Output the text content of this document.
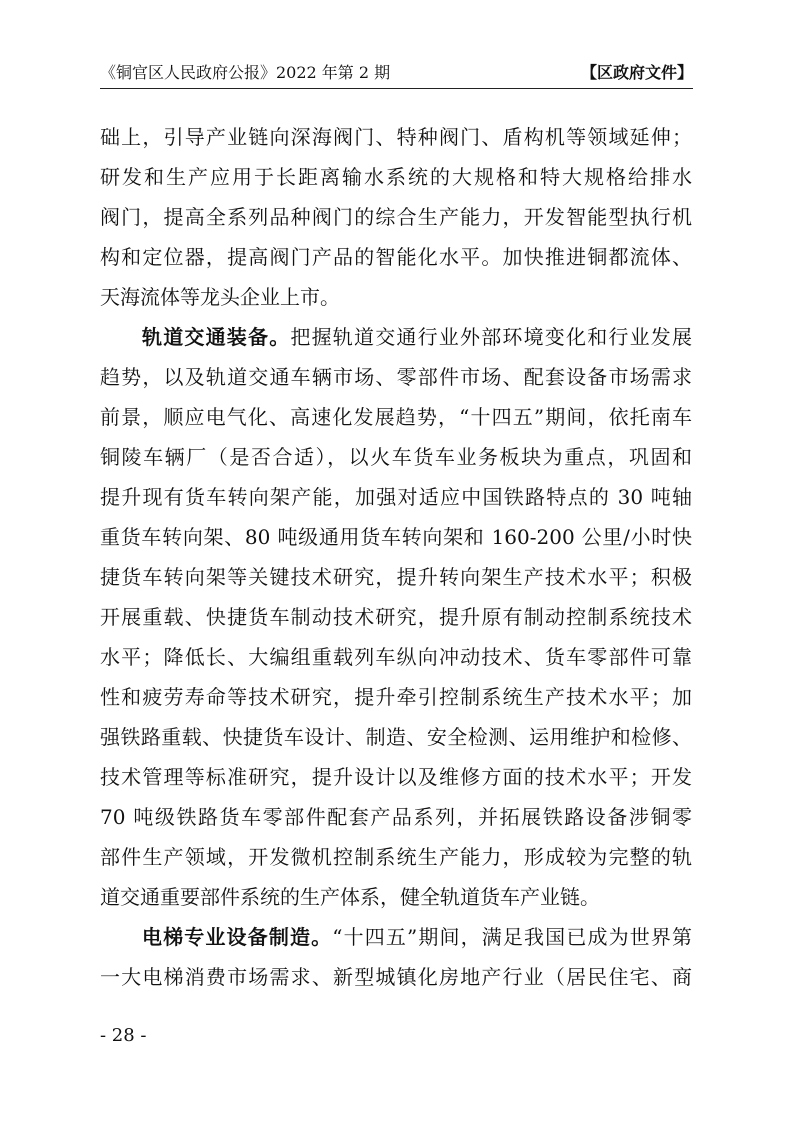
《铜官区人民政府公报》2022 年第 2 期	【区政府文件】
础上，引导产业链向深海阀门、特种阀门、盾构机等领域延伸；
研发和生产应用于长距离输水系统的大规格和特大规格给排水
阀门，提高全系列品种阀门的综合生产能力，开发智能型执行机
构和定位器，提高阀门产品的智能化水平。加快推进铜都流体、
天海流体等龙头企业上市。
轨道交通装备。把握轨道交通行业外部环境变化和行业发展
趋势，以及轨道交通车辆市场、零部件市场、配套设备市场需求
前景，顺应电气化、高速化发展趋势，“十四五”期间，依托南车
铜陵车辆厂（是否合适），以火车货车业务板块为重点，巩固和
提升现有货车转向架产能，加强对适应中国铁路特点的 30 吨轴
重货车转向架、80 吨级通用货车转向架和 160-200 公里/小时快
捷货车转向架等关键技术研究，提升转向架生产技术水平；积极
开展重载、快捷货车制动技术研究，提升原有制动控制系统技术
水平；降低长、大编组重载列车纵向冲动技术、货车零部件可靠
性和疲劳寿命等技术研究，提升牵引控制系统生产技术水平；加
强铁路重载、快捷货车设计、制造、安全检测、运用维护和检修、
技术管理等标准研究，提升设计以及维修方面的技术水平；开发
70 吨级铁路货车零部件配套产品系列，并拓展铁路设备涉铜零
部件生产领域，开发微机控制系统生产能力，形成较为完整的轨
道交通重要部件系统的生产体系，健全轨道货车产业链。
电梯专业设备制造。“十四五”期间，满足我国已成为世界第
一大电梯消费市场需求、新型城镇化房地产行业（居民住宅、商
- 28 -
